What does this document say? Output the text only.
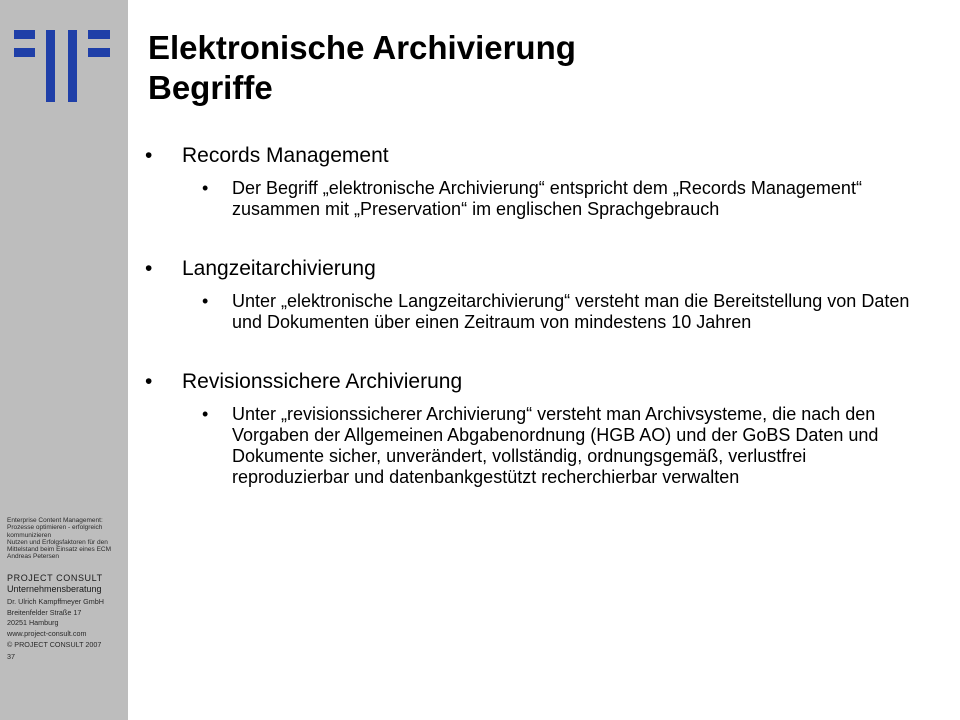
Enterprise Content Management: Prozesse optimieren - erfolgreich kommunizieren
Nutzen und Erfolgsfaktoren für den Mittelstand beim Einsatz eines ECM
Andreas Petersen
PROJECT CONSULT
Unternehmensberatung
Dr. Ulrich Kampffmeyer GmbH
Breitenfelder Straße 17
20251 Hamburg
www.project-consult.com
© PROJECT CONSULT 2007
37
Elektronische Archivierung
Begriffe
• Records Management
• Der Begriff „elektronische Archivierung“ entspricht dem „Records Management“ zusammen mit „Preservation“ im englischen Sprachgebrauch
• Langzeitarchivierung
• Unter „elektronische Langzeitarchivierung“ versteht man die Bereitstellung von Daten und Dokumenten über einen Zeitraum von mindestens 10 Jahren
• Revisionssichere Archivierung
• Unter „revisionssicherer Archivierung“ versteht man Archivsysteme, die nach den Vorgaben der Allgemeinen Abgabenordnung (HGB AO) und der GoBS Daten und Dokumente sicher, unverändert, vollständig, ordnungsgemäß, verlustfrei reproduzierbar und datenbankgestützt recherchierbar verwalten
